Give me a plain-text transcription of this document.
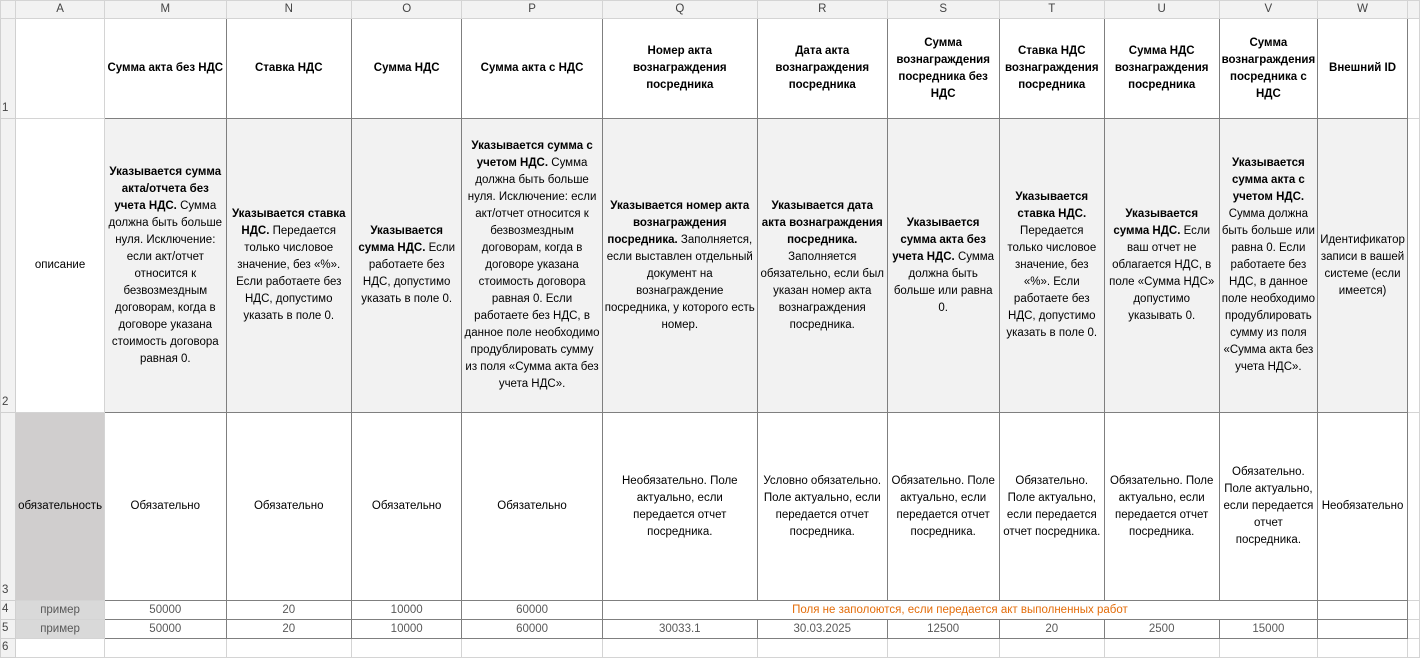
	A	M	N	O	P	Q	R	S	T	U	V	W	
1		Сумма акта без НДС	Ставка НДС	Сумма НДС	Сумма акта с НДС	Номер акта вознаграждения посредника	Дата акта вознаграждения посредника	Сумма вознаграждения посредника без НДС	Ставка НДС вознаграждения посредника	Сумма НДС вознаграждения посредника	Сумма вознаграждения посредника с НДС	Внешний ID	
2	описание	Указывается сумма акта/отчета без учета НДС. Сумма должна быть больше нуля. Исключение: если акт/отчет относится к безвозмездным договорам, когда в договоре указана стоимость договора равная 0.	Указывается ставка НДС. Передается только числовое значение, без «%». Если работаете без НДС, допустимо указать в поле 0.	Указывается сумма НДС. Если работаете без НДС, допустимо указать в поле 0.	Указывается сумма с учетом НДС. Сумма должна быть больше нуля. Исключение: если акт/отчет относится к безвозмездным договорам, когда в договоре указана стоимость договора равная 0. Если работаете без НДС, в данное поле необходимо продублировать сумму из поля «Сумма акта без учета НДС».	Указывается номер акта вознаграждения посредника. Заполняется, если выставлен отдельный документ на вознаграждение посредника, у которого есть номер.	Указывается дата акта вознаграждения посредника. Заполняется обязательно, если был указан номер акта вознаграждения посредника.	Указывается сумма акта без учета НДС. Сумма должна быть больше или равна 0.	Указывается ставка НДС. Передается только числовое значение, без «%». Если работаете без НДС, допустимо указать в поле 0.	Указывается сумма НДС. Если ваш отчет не облагается НДС, в поле «Сумма НДС» допустимо указывать 0.	Указывается сумма акта с учетом НДС. Сумма должна быть больше или равна 0. Если работаете без НДС, в данное поле необходимо продублировать сумму из поля «Сумма акта без учета НДС».	Идентификатор записи в вашей системе (если имеется)	
3	обязательность	Обязательно	Обязательно	Обязательно	Обязательно	Необязательно. Поле актуально, если передается отчет посредника.	Условно обязательно. Поле актуально, если передается отчет посредника.	Обязательно. Поле актуально, если передается отчет посредника.	Обязательно. Поле актуально, если передается отчет посредника.	Обязательно. Поле актуально, если передается отчет посредника.	Обязательно. Поле актуально, если передается отчет посредника.	Необязательно	
4	пример	50000	20	10000	60000	Поля не заполоются, если передается акт выполненных работ							
5	пример	50000	20	10000	60000	30033.1	30.03.2025	12500	20	2500	15000		
6													
